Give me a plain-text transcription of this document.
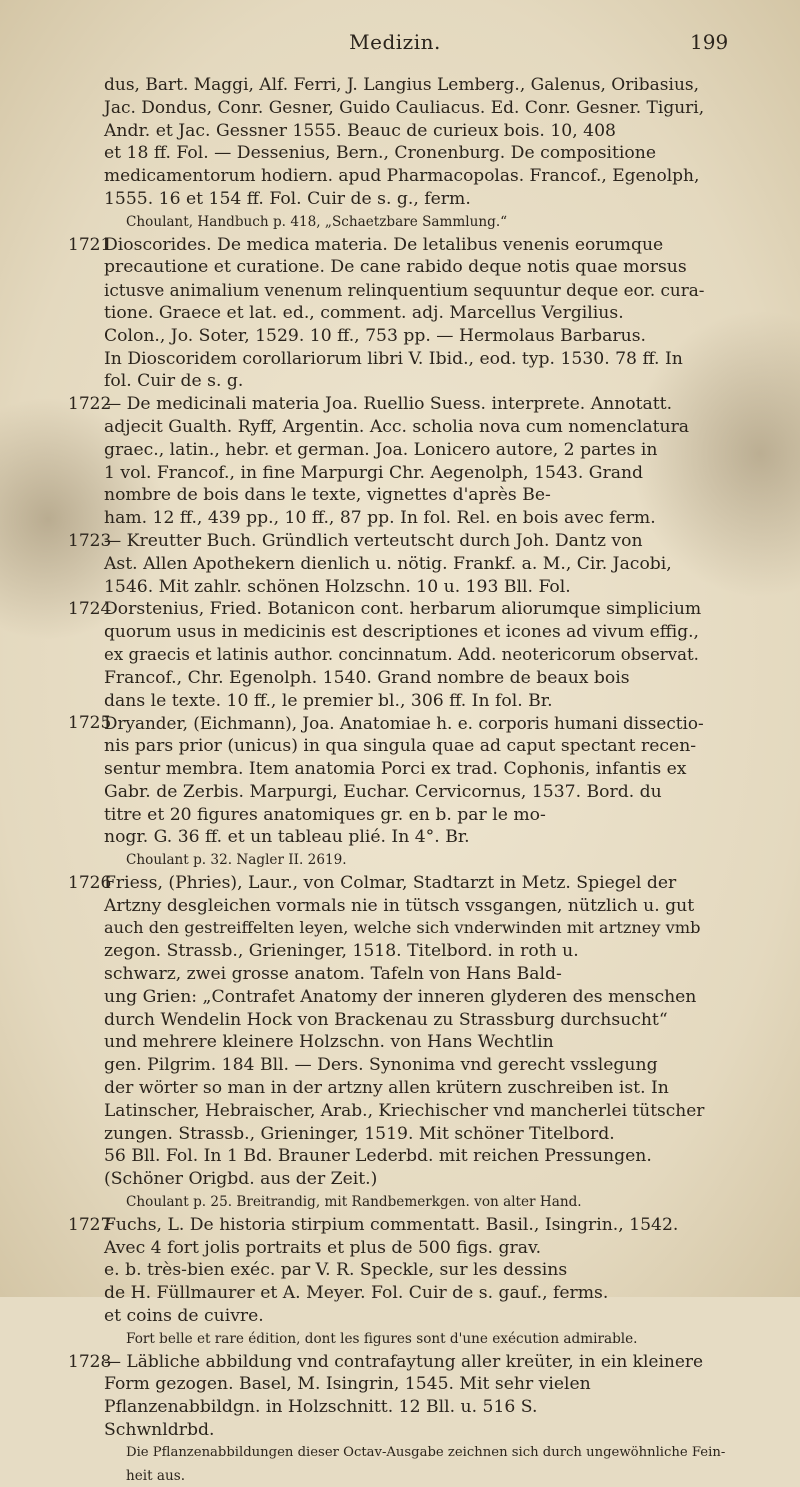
Medizin.	199
dus, Bart. Maggi, Alf. Ferri, J. Langius Lemberg., Galenus, Oribasius,
Jac. Dondus, Conr. Gesner, Guido Cauliacus. Ed. Conr. Gesner. Tiguri,
Andr. et Jac. Gessner 1555. Beauc de curieux bois. 10, 408
et 18 ff. Fol. — Dessenius, Bern., Cronenburg. De compositione
medicamentorum hodiern. apud Pharmacopolas. Francof., Egenolph,
1555. 16 et 154 ff. Fol. Cuir de s. g., ferm.
Choulant, Handbuch p. 418, „Schaetzbare Sammlung.“
1721
Dioscorides. De medica materia. De letalibus venenis eorumque
precautione et curatione. De cane rabido deque notis quae morsus
ictusve animalium venenum relinquentium sequuntur deque eor. cura-
tione. Graece et lat. ed., comment. adj. Marcellus Vergilius.
Colon., Jo. Soter, 1529. 10 ff., 753 pp. — Hermolaus Barbarus.
In Dioscoridem corollariorum libri V. Ibid., eod. typ. 1530. 78 ff. In
fol. Cuir de s. g.
1722
— De medicinali materia Joa. Ruellio Suess. interprete. Annotatt.
adjecit Gualth. Ryff, Argentin. Acc. scholia nova cum nomenclatura
graec., latin., hebr. et german. Joa. Lonicero autore, 2 partes in
1 vol. Francof., in fine Marpurgi Chr. Aegenolph, 1543. Grand
nombre de bois dans le texte, vignettes d'après Be-
ham. 12 ff., 439 pp., 10 ff., 87 pp. In fol. Rel. en bois avec ferm.
1723
— Kreutter Buch. Gründlich verteutscht durch Joh. Dantz von
Ast. Allen Apothekern dienlich u. nötig. Frankf. a. M., Cir. Jacobi,
1546. Mit zahlr. schönen Holzschn. 10 u. 193 Bll. Fol.
1724
Dorstenius, Fried. Botanicon cont. herbarum aliorumque simplicium
quorum usus in medicinis est descriptiones et icones ad vivum effig.,
ex graecis et latinis author. concinnatum. Add. neotericorum observat.
Francof., Chr. Egenolph. 1540. Grand nombre de beaux bois
dans le texte. 10 ff., le premier bl., 306 ff. In fol. Br.
1725
Dryander, (Eichmann), Joa. Anatomiae h. e. corporis humani dissectio-
nis pars prior (unicus) in qua singula quae ad caput spectant recen-
sentur membra. Item anatomia Porci ex trad. Cophonis, infantis ex
Gabr. de Zerbis. Marpurgi, Euchar. Cervicornus, 1537. Bord. du
titre et 20 figures anatomiques gr. en b. par le mo-
nogr. G. 36 ff. et un tableau plié. In 4°. Br.
Choulant p. 32. Nagler II. 2619.
1726
Friess, (Phries), Laur., von Colmar, Stadtarzt in Metz. Spiegel der
Artzny desgleichen vormals nie in tütsch vssgangen, nützlich u. gut
auch den gestreiffelten leyen, welche sich vnderwinden mit artzney vmb
zegon. Strassb., Grieninger, 1518. Titelbord. in roth u.
schwarz, zwei grosse anatom. Tafeln von Hans Bald-
ung Grien: „Contrafet Anatomy der inneren glyderen des menschen
durch Wendelin Hock von Brackenau zu Strassburg durchsucht“
und mehrere kleinere Holzschn. von Hans Wechtlin
gen. Pilgrim. 184 Bll. — Ders. Synonima vnd gerecht vsslegung
der wörter so man in der artzny allen krütern zuschreiben ist. In
Latinscher, Hebraischer, Arab., Kriechischer vnd mancherlei tütscher
zungen. Strassb., Grieninger, 1519. Mit schöner Titelbord.
56 Bll. Fol. In 1 Bd. Brauner Lederbd. mit reichen Pressungen.
(Schöner Origbd. aus der Zeit.)
Choulant p. 25. Breitrandig, mit Randbemerkgen. von alter Hand.
1727
Fuchs, L. De historia stirpium commentatt. Basil., Isingrin., 1542.
Avec 4 fort jolis portraits et plus de 500 figs. grav.
e. b. très-bien exéc. par V. R. Speckle, sur les dessins
de H. Füllmaurer et A. Meyer. Fol. Cuir de s. gauf., ferms.
et coins de cuivre.
Fort belle et rare édition, dont les figures sont d'une exécution admirable.
1728
— Läbliche abbildung vnd contrafaytung aller kreüter, in ein kleinere
Form gezogen. Basel, M. Isingrin, 1545. Mit sehr vielen
Pflanzenabbildgn. in Holzschnitt. 12 Bll. u. 516 S.
Schwnldrbd.
Die Pflanzenabbildungen dieser Octav-Ausgabe zeichnen sich durch ungewöhnliche Fein-
heit aus.
